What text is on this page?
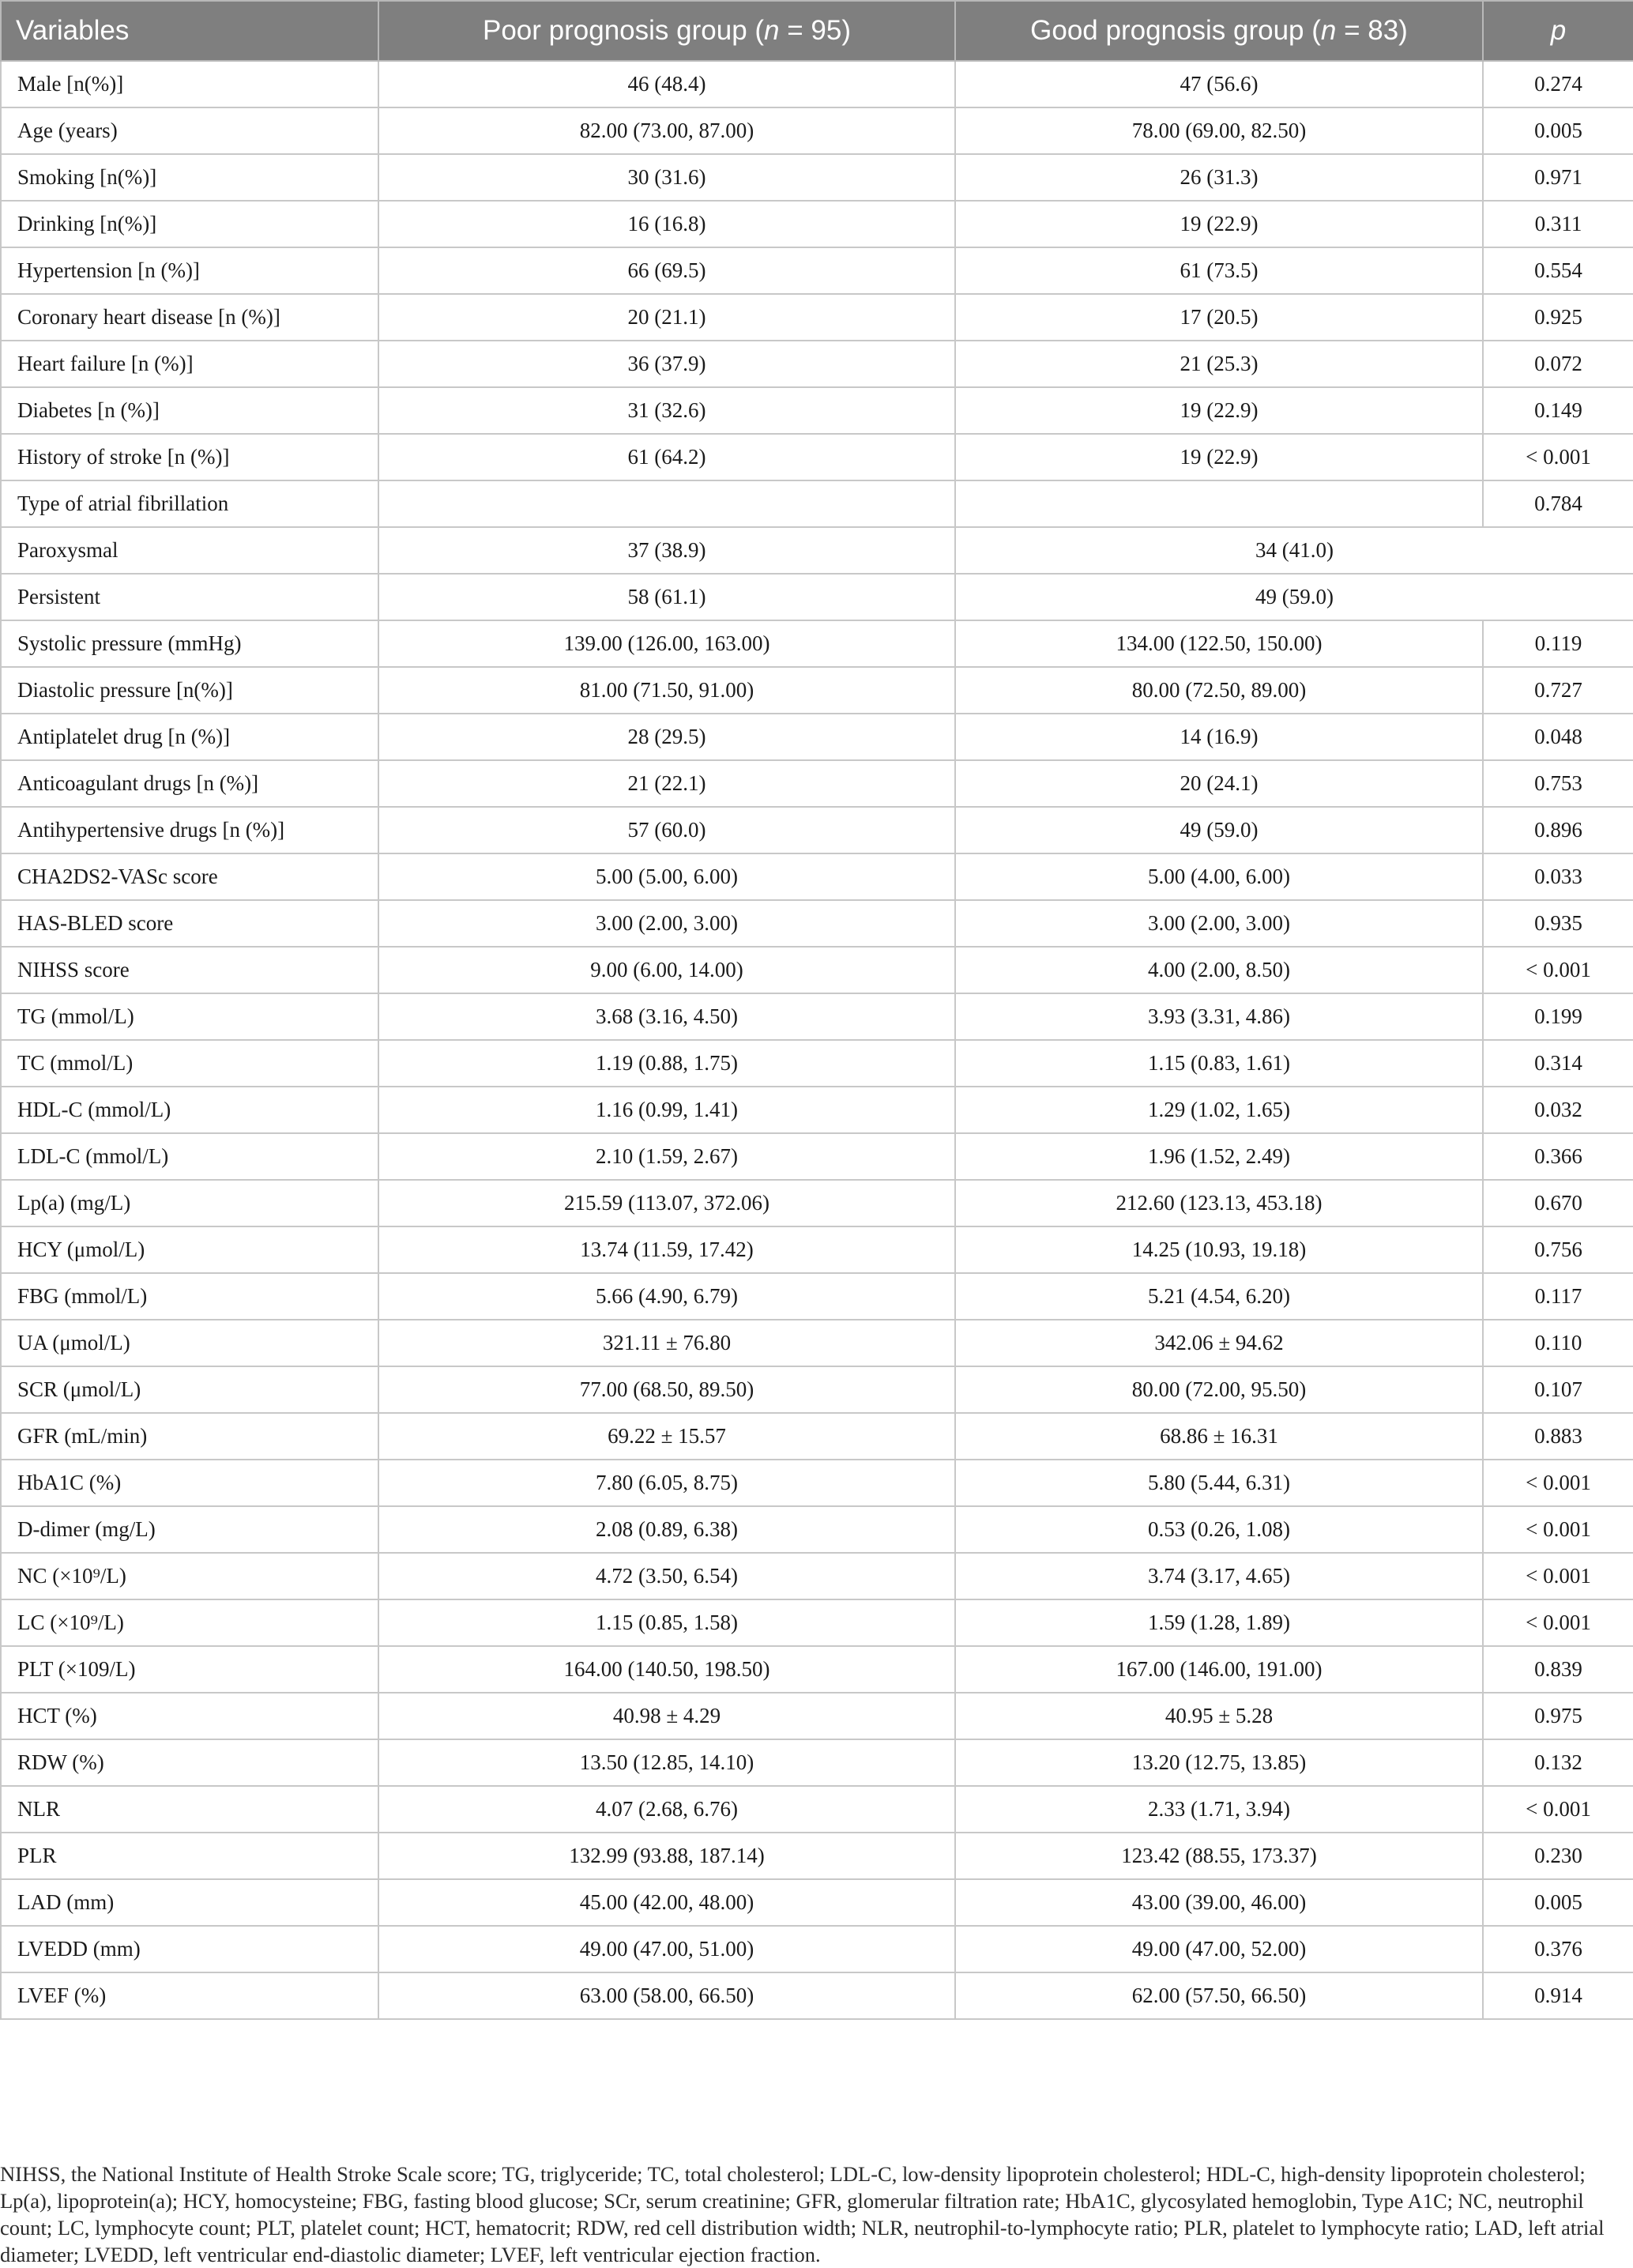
Variables	Poor prognosis group (n = 95)	Good prognosis group (n = 83)	p
Male [n(%)]	46 (48.4)	47 (56.6)	0.274
Age (years)	82.00 (73.00, 87.00)	78.00 (69.00, 82.50)	0.005
Smoking [n(%)]	30 (31.6)	26 (31.3)	0.971
Drinking [n(%)]	16 (16.8)	19 (22.9)	0.311
Hypertension [n (%)]	66 (69.5)	61 (73.5)	0.554
Coronary heart disease [n (%)]	20 (21.1)	17 (20.5)	0.925
Heart failure [n (%)]	36 (37.9)	21 (25.3)	0.072
Diabetes [n (%)]	31 (32.6)	19 (22.9)	0.149
History of stroke [n (%)]	61 (64.2)	19 (22.9)	< 0.001
Type of atrial fibrillation			0.784
Paroxysmal	37 (38.9)	34 (41.0)	
Persistent	58 (61.1)	49 (59.0)	
Systolic pressure (mmHg)	139.00 (126.00, 163.00)	134.00 (122.50, 150.00)	0.119
Diastolic pressure [n(%)]	81.00 (71.50, 91.00)	80.00 (72.50, 89.00)	0.727
Antiplatelet drug [n (%)]	28 (29.5)	14 (16.9)	0.048
Anticoagulant drugs [n (%)]	21 (22.1)	20 (24.1)	0.753
Antihypertensive drugs [n (%)]	57 (60.0)	49 (59.0)	0.896
CHA2DS2-VASc score	5.00 (5.00, 6.00)	5.00 (4.00, 6.00)	0.033
HAS-BLED score	3.00 (2.00, 3.00)	3.00 (2.00, 3.00)	0.935
NIHSS score	9.00 (6.00, 14.00)	4.00 (2.00, 8.50)	< 0.001
TG (mmol/L)	3.68 (3.16, 4.50)	3.93 (3.31, 4.86)	0.199
TC (mmol/L)	1.19 (0.88, 1.75)	1.15 (0.83, 1.61)	0.314
HDL-C (mmol/L)	1.16 (0.99, 1.41)	1.29 (1.02, 1.65)	0.032
LDL-C (mmol/L)	2.10 (1.59, 2.67)	1.96 (1.52, 2.49)	0.366
Lp(a) (mg/L)	215.59 (113.07, 372.06)	212.60 (123.13, 453.18)	0.670
HCY (μmol/L)	13.74 (11.59, 17.42)	14.25 (10.93, 19.18)	0.756
FBG (mmol/L)	5.66 (4.90, 6.79)	5.21 (4.54, 6.20)	0.117
UA (μmol/L)	321.11 ± 76.80	342.06 ± 94.62	0.110
SCR (μmol/L)	77.00 (68.50, 89.50)	80.00 (72.00, 95.50)	0.107
GFR (mL/min)	69.22 ± 15.57	68.86 ± 16.31	0.883
HbA1C (%)	7.80 (6.05, 8.75)	5.80 (5.44, 6.31)	< 0.001
D-dimer (mg/L)	2.08 (0.89, 6.38)	0.53 (0.26, 1.08)	< 0.001
NC (×10⁹/L)	4.72 (3.50, 6.54)	3.74 (3.17, 4.65)	< 0.001
LC (×10⁹/L)	1.15 (0.85, 1.58)	1.59 (1.28, 1.89)	< 0.001
PLT (×109/L)	164.00 (140.50, 198.50)	167.00 (146.00, 191.00)	0.839
HCT (%)	40.98 ± 4.29	40.95 ± 5.28	0.975
RDW (%)	13.50 (12.85, 14.10)	13.20 (12.75, 13.85)	0.132
NLR	4.07 (2.68, 6.76)	2.33 (1.71, 3.94)	< 0.001
PLR	132.99 (93.88, 187.14)	123.42 (88.55, 173.37)	0.230
LAD (mm)	45.00 (42.00, 48.00)	43.00 (39.00, 46.00)	0.005
LVEDD (mm)	49.00 (47.00, 51.00)	49.00 (47.00, 52.00)	0.376
LVEF (%)	63.00 (58.00, 66.50)	62.00 (57.50, 66.50)	0.914

NIHSS, the National Institute of Health Stroke Scale score; TG, triglyceride; TC, total cholesterol; LDL-C, low-density lipoprotein cholesterol; HDL-C, high-density lipoprotein cholesterol; Lp(a), lipoprotein(a); HCY, homocysteine; FBG, fasting blood glucose; SCr, serum creatinine; GFR, glomerular filtration rate; HbA1C, glycosylated hemoglobin, Type A1C; NC, neutrophil count; LC, lymphocyte count; PLT, platelet count; HCT, hematocrit; RDW, red cell distribution width; NLR, neutrophil-to-lymphocyte ratio; PLR, platelet to lymphocyte ratio; LAD, left atrial diameter; LVEDD, left ventricular end-diastolic diameter; LVEF, left ventricular ejection fraction.
